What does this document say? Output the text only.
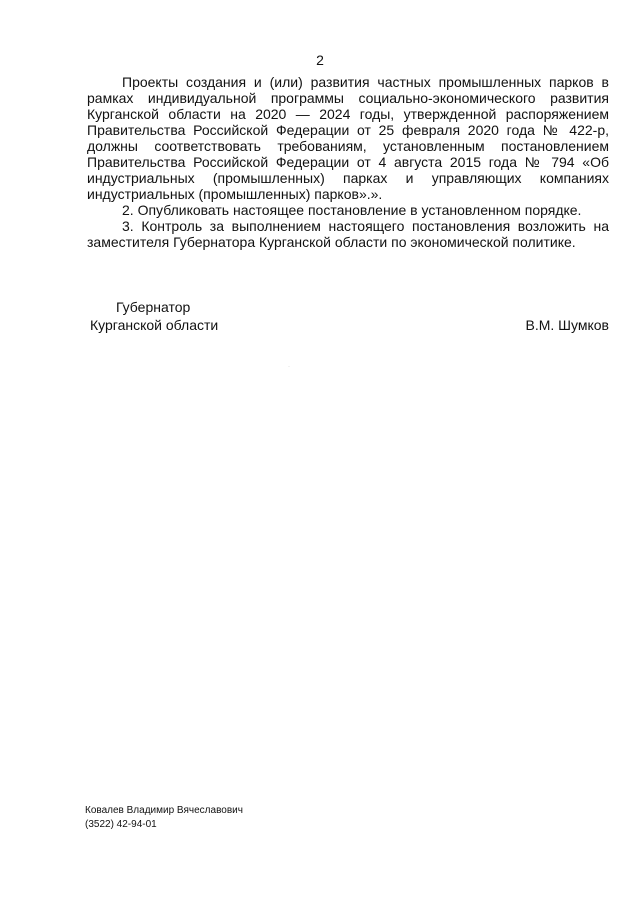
2

Проекты создания и (или) развития частных промышленных парков в рамках индивидуальной программы социально-экономического развития Курганской области на 2020 — 2024 годы, утвержденной распоряжением Правительства Российской Федерации от 25 февраля 2020 года № 422-р, должны соответствовать требованиям, установленным постановлением Правительства Российской Федерации от 4 августа 2015 года № 794 «Об индустриальных (промышленных) парках и управляющих компаниях индустриальных (промышленных) парков».».

2. Опубликовать настоящее постановление в установленном порядке.

3. Контроль за выполнением настоящего постановления возложить на заместителя Губернатора Курганской области по экономической политике.

Губернатор
Курганской области	В.М. Шумков
·
Ковалев Владимир Вячеславович
(3522) 42-94-01
